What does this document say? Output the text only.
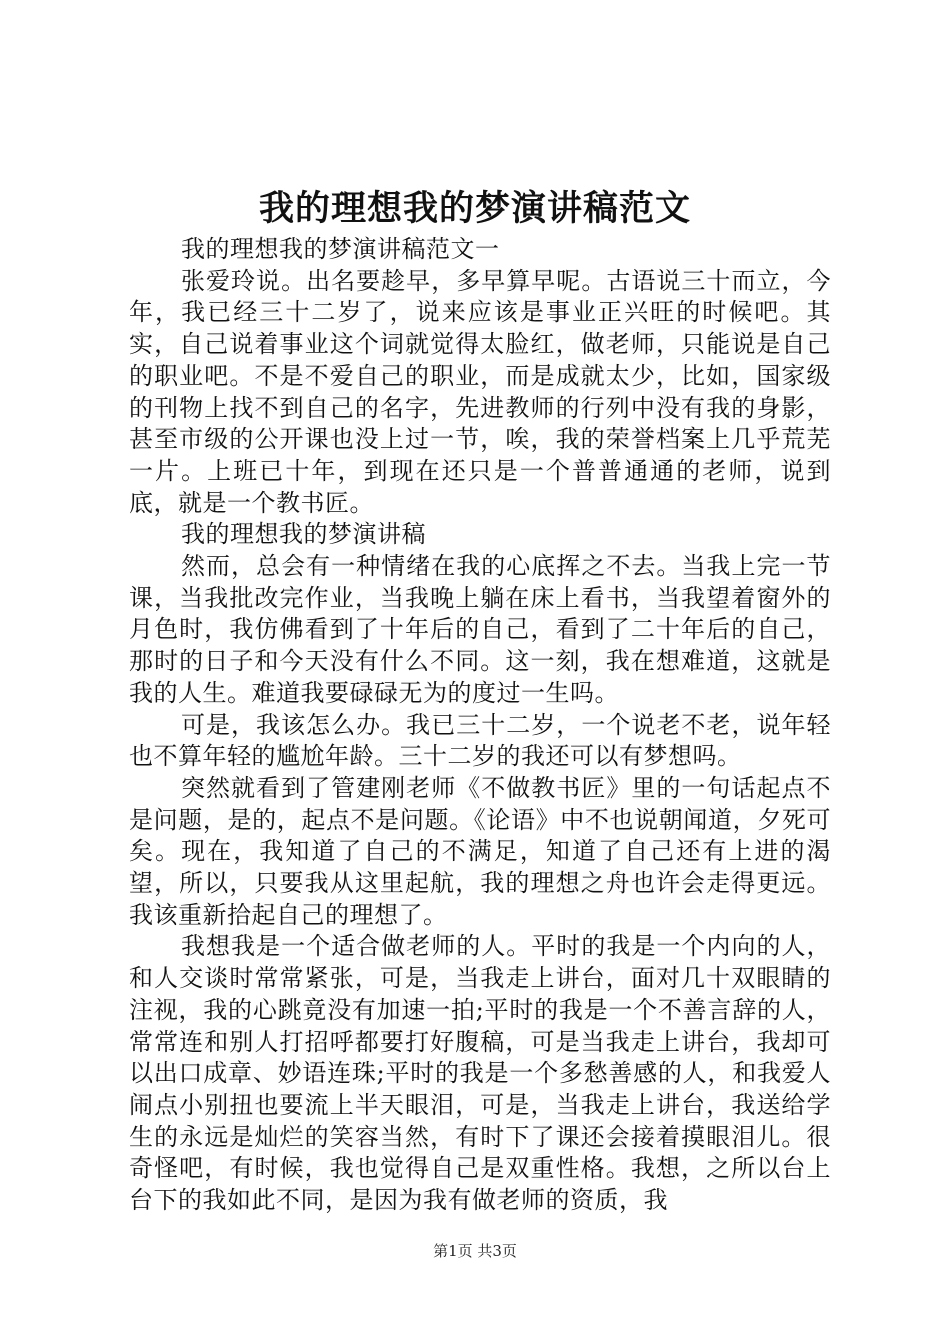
我的理想我的梦演讲稿范文

我的理想我的梦演讲稿范文一

张爱玲说。出名要趁早，多早算早呢。古语说三十而立，今年，我已经三十二岁了，说来应该是事业正兴旺的时候吧。其实，自己说着事业这个词就觉得太脸红，做老师，只能说是自己的职业吧。不是不爱自己的职业，而是成就太少，比如，国家级的刊物上找不到自己的名字，先进教师的行列中没有我的身影，甚至市级的公开课也没上过一节，唉，我的荣誉档案上几乎荒芜一片。上班已十年，到现在还只是一个普普通通的老师，说到底，就是一个教书匠。

我的理想我的梦演讲稿

然而，总会有一种情绪在我的心底挥之不去。当我上完一节课，当我批改完作业，当我晚上躺在床上看书，当我望着窗外的月色时，我仿佛看到了十年后的自己，看到了二十年后的自己，那时的日子和今天没有什么不同。这一刻，我在想难道，这就是我的人生。难道我要碌碌无为的度过一生吗。

可是，我该怎么办。我已三十二岁，一个说老不老，说年轻也不算年轻的尴尬年龄。三十二岁的我还可以有梦想吗。

突然就看到了管建刚老师《不做教书匠》里的一句话起点不是问题，是的，起点不是问题。《论语》中不也说朝闻道，夕死可矣。现在，我知道了自己的不满足，知道了自己还有上进的渴望，所以，只要我从这里起航，我的理想之舟也许会走得更远。我该重新拾起自己的理想了。

我想我是一个适合做老师的人。平时的我是一个内向的人，和人交谈时常常紧张，可是，当我走上讲台，面对几十双眼睛的注视，我的心跳竟没有加速一拍;平时的我是一个不善言辞的人，常常连和别人打招呼都要打好腹稿，可是当我走上讲台，我却可以出口成章、妙语连珠;平时的我是一个多愁善感的人，和我爱人闹点小别扭也要流上半天眼泪，可是，当我走上讲台，我送给学生的永远是灿烂的笑容当然，有时下了课还会接着摸眼泪儿。很奇怪吧，有时候，我也觉得自己是双重性格。我想，之所以台上台下的我如此不同，是因为我有做老师的资质，我

第1页 共3页
